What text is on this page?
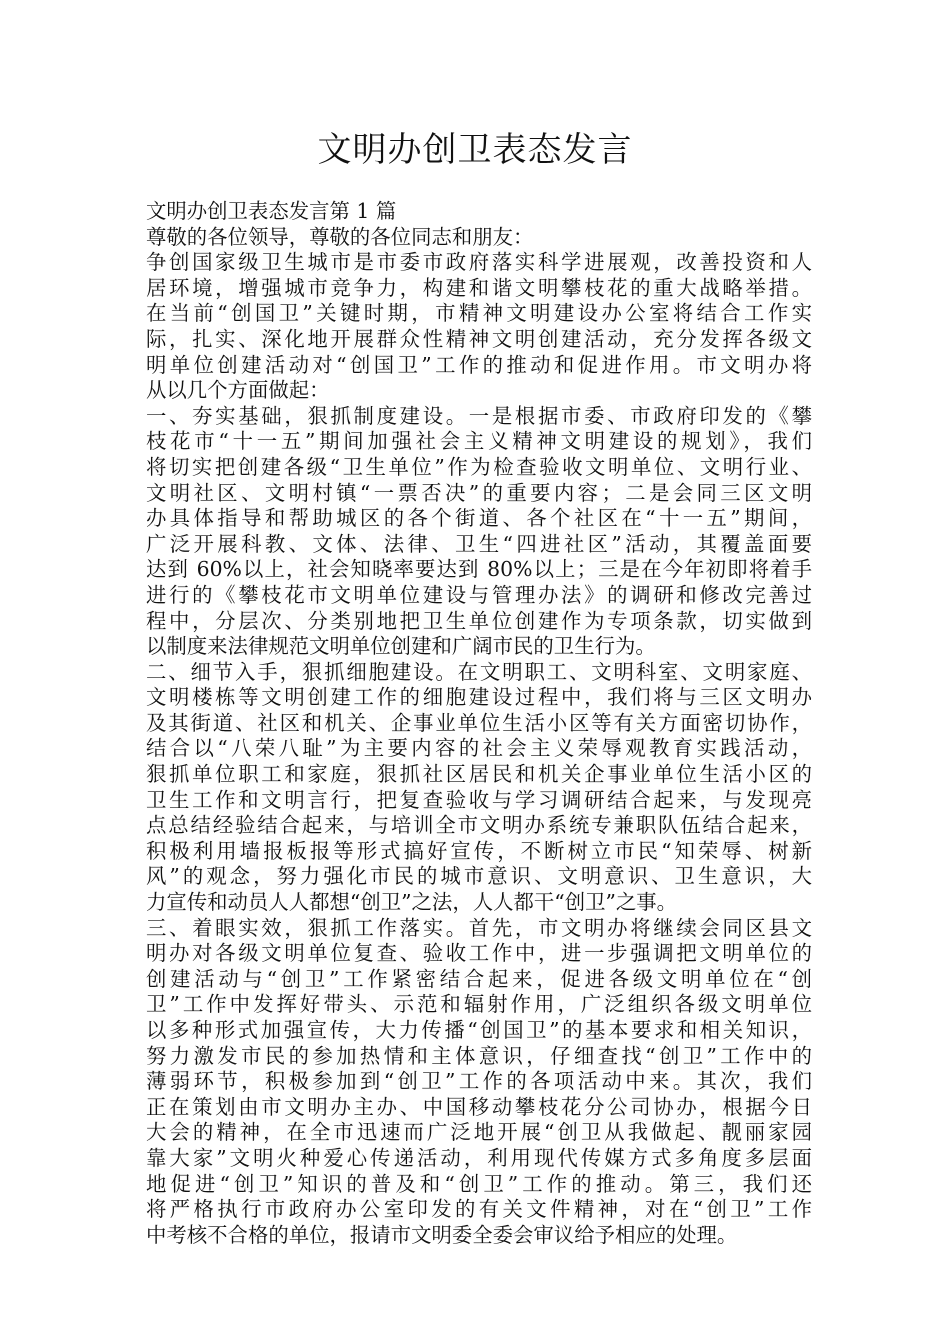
文明办创卫表态发言
文明办创卫表态发言第 1 篇
尊敬的各位领导，尊敬的各位同志和朋友：
争创国家级卫生城市是市委市政府落实科学进展观，改善投资和人
居环境，增强城市竞争力，构建和谐文明攀枝花的重大战略举措。
在当前“创国卫”关键时期，市精神文明建设办公室将结合工作实
际，扎实、深化地开展群众性精神文明创建活动，充分发挥各级文
明单位创建活动对“创国卫”工作的推动和促进作用。市文明办将
从以几个方面做起：
一、夯实基础，狠抓制度建设。一是根据市委、市政府印发的《攀
枝花市“十一五”期间加强社会主义精神文明建设的规划》，我们
将切实把创建各级“卫生单位”作为检查验收文明单位、文明行业、
文明社区、文明村镇“一票否决”的重要内容；二是会同三区文明
办具体指导和帮助城区的各个街道、各个社区在“十一五”期间，
广泛开展科教、文体、法律、卫生“四进社区”活动，其覆盖面要
达到 60%以上，社会知晓率要达到 80%以上；三是在今年初即将着手
进行的《攀枝花市文明单位建设与管理办法》的调研和修改完善过
程中，分层次、分类别地把卫生单位创建作为专项条款，切实做到
以制度来法律规范文明单位创建和广阔市民的卫生行为。
二、细节入手，狠抓细胞建设。在文明职工、文明科室、文明家庭、
文明楼栋等文明创建工作的细胞建设过程中，我们将与三区文明办
及其街道、社区和机关、企事业单位生活小区等有关方面密切协作，
结合以“八荣八耻”为主要内容的社会主义荣辱观教育实践活动，
狠抓单位职工和家庭，狠抓社区居民和机关企事业单位生活小区的
卫生工作和文明言行，把复查验收与学习调研结合起来，与发现亮
点总结经验结合起来，与培训全市文明办系统专兼职队伍结合起来，
积极利用墙报板报等形式搞好宣传，不断树立市民“知荣辱、树新
风”的观念，努力强化市民的城市意识、文明意识、卫生意识，大
力宣传和动员人人都想“创卫”之法，人人都干“创卫”之事。
三、着眼实效，狠抓工作落实。首先，市文明办将继续会同区县文
明办对各级文明单位复查、验收工作中，进一步强调把文明单位的
创建活动与“创卫”工作紧密结合起来，促进各级文明单位在“创
卫”工作中发挥好带头、示范和辐射作用，广泛组织各级文明单位
以多种形式加强宣传，大力传播“创国卫”的基本要求和相关知识，
努力激发市民的参加热情和主体意识，仔细查找“创卫”工作中的
薄弱环节，积极参加到“创卫”工作的各项活动中来。其次，我们
正在策划由市文明办主办、中国移动攀枝花分公司协办，根据今日
大会的精神，在全市迅速而广泛地开展“创卫从我做起、靓丽家园
靠大家”文明火种爱心传递活动，利用现代传媒方式多角度多层面
地促进“创卫”知识的普及和“创卫”工作的推动。第三，我们还
将严格执行市政府办公室印发的有关文件精神，对在“创卫”工作
中考核不合格的单位，报请市文明委全委会审议给予相应的处理。
